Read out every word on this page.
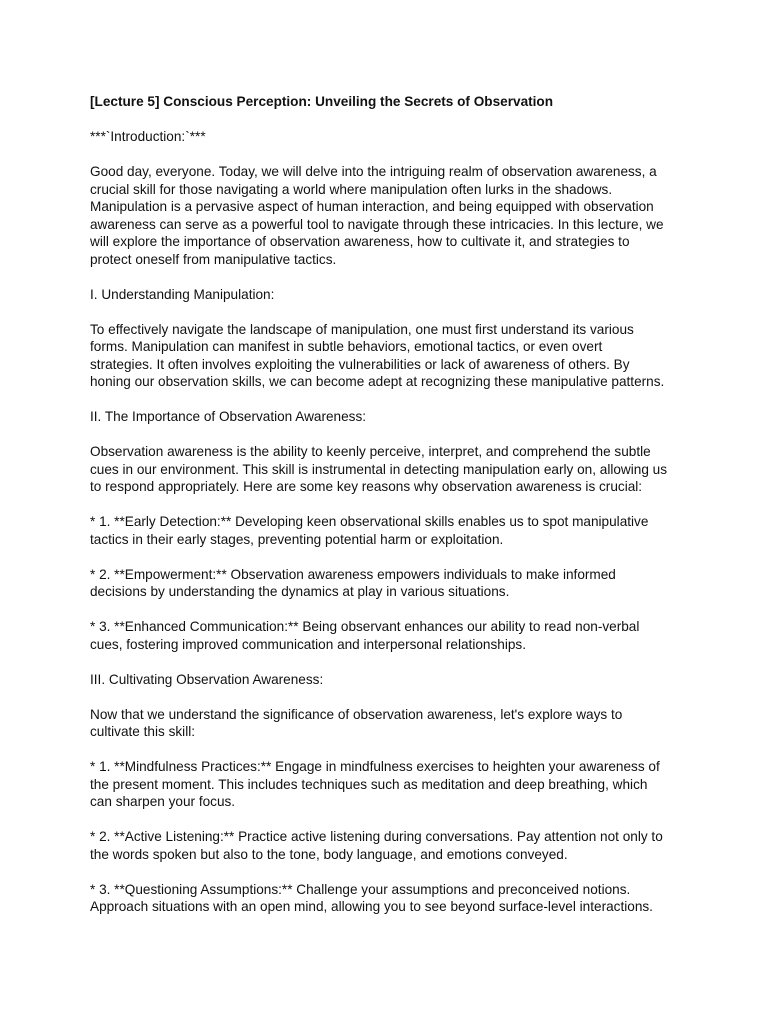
[Lecture 5] Conscious Perception: Unveiling the Secrets of Observation

***`Introduction:`***

Good day, everyone. Today, we will delve into the intriguing realm of observation awareness, a
crucial skill for those navigating a world where manipulation often lurks in the shadows.
Manipulation is a pervasive aspect of human interaction, and being equipped with observation
awareness can serve as a powerful tool to navigate through these intricacies. In this lecture, we
will explore the importance of observation awareness, how to cultivate it, and strategies to
protect oneself from manipulative tactics.

I. Understanding Manipulation:

To effectively navigate the landscape of manipulation, one must first understand its various
forms. Manipulation can manifest in subtle behaviors, emotional tactics, or even overt
strategies. It often involves exploiting the vulnerabilities or lack of awareness of others. By
honing our observation skills, we can become adept at recognizing these manipulative patterns.

II. The Importance of Observation Awareness:

Observation awareness is the ability to keenly perceive, interpret, and comprehend the subtle
cues in our environment. This skill is instrumental in detecting manipulation early on, allowing us
to respond appropriately. Here are some key reasons why observation awareness is crucial:

* 1. **Early Detection:** Developing keen observational skills enables us to spot manipulative
tactics in their early stages, preventing potential harm or exploitation.

* 2. **Empowerment:** Observation awareness empowers individuals to make informed
decisions by understanding the dynamics at play in various situations.

* 3. **Enhanced Communication:** Being observant enhances our ability to read non-verbal
cues, fostering improved communication and interpersonal relationships.

III. Cultivating Observation Awareness:

Now that we understand the significance of observation awareness, let's explore ways to
cultivate this skill:

* 1. **Mindfulness Practices:** Engage in mindfulness exercises to heighten your awareness of
the present moment. This includes techniques such as meditation and deep breathing, which
can sharpen your focus.

* 2. **Active Listening:** Practice active listening during conversations. Pay attention not only to
the words spoken but also to the tone, body language, and emotions conveyed.

* 3. **Questioning Assumptions:** Challenge your assumptions and preconceived notions.
Approach situations with an open mind, allowing you to see beyond surface-level interactions.
